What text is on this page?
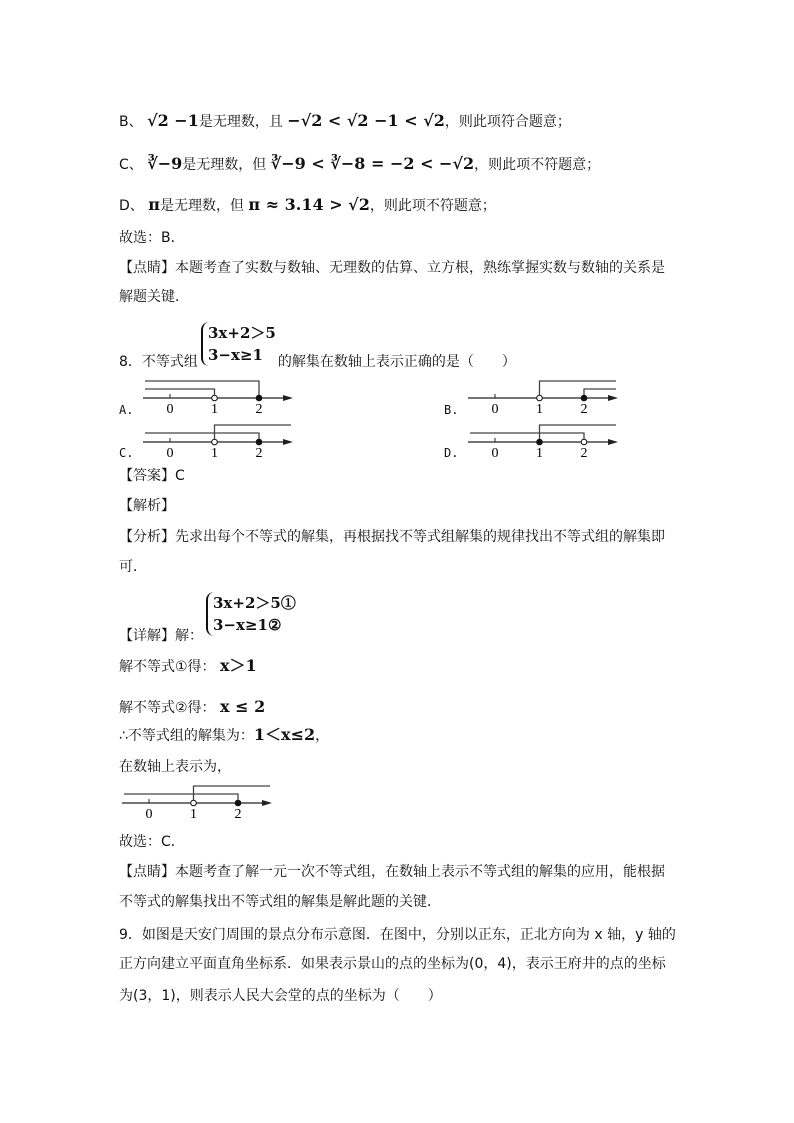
B、 √2 −1是无理数，且 −√2 < √2 −1 < √2，则此项符合题意；
C、 ∛−9是无理数，但 ∛−9 < ∛−8 = −2 < −√2，则此项不符题意；
D、 π是无理数，但 π ≈ 3.14 > √2，则此项不符题意；
故选：B．
【点睛】本题考查了实数与数轴、无理数的估算、立方根，熟练掌握实数与数轴的关系是
解题关键．
3x+2＞5
3−x≥1
8．不等式组	的解集在数轴上表示正确的是（　　）
A.	B.
C.	D.
0	1	2	0	1	2
0	1	2	0	1	2
0	1	2
【答案】C
【解析】
【分析】先求出每个不等式的解集，再根据找不等式组解集的规律找出不等式组的解集即
可．
3x+2＞5①
3−x≥1②
【详解】解：
解不等式①得： x＞1
解不等式②得： x ≤ 2
∴不等式组的解集为：1＜x≤2，
在数轴上表示为，
故选：C．
【点睛】本题考查了解一元一次不等式组，在数轴上表示不等式组的解集的应用，能根据
不等式的解集找出不等式组的解集是解此题的关键．
9．如图是天安门周围的景点分布示意图．在图中，分别以正东，正北方向为 x 轴，y 轴的
正方向建立平面直角坐标系．如果表示景山的点的坐标为(0，4)，表示王府井的点的坐标
为(3，1)，则表示人民大会堂的点的坐标为（　　）
